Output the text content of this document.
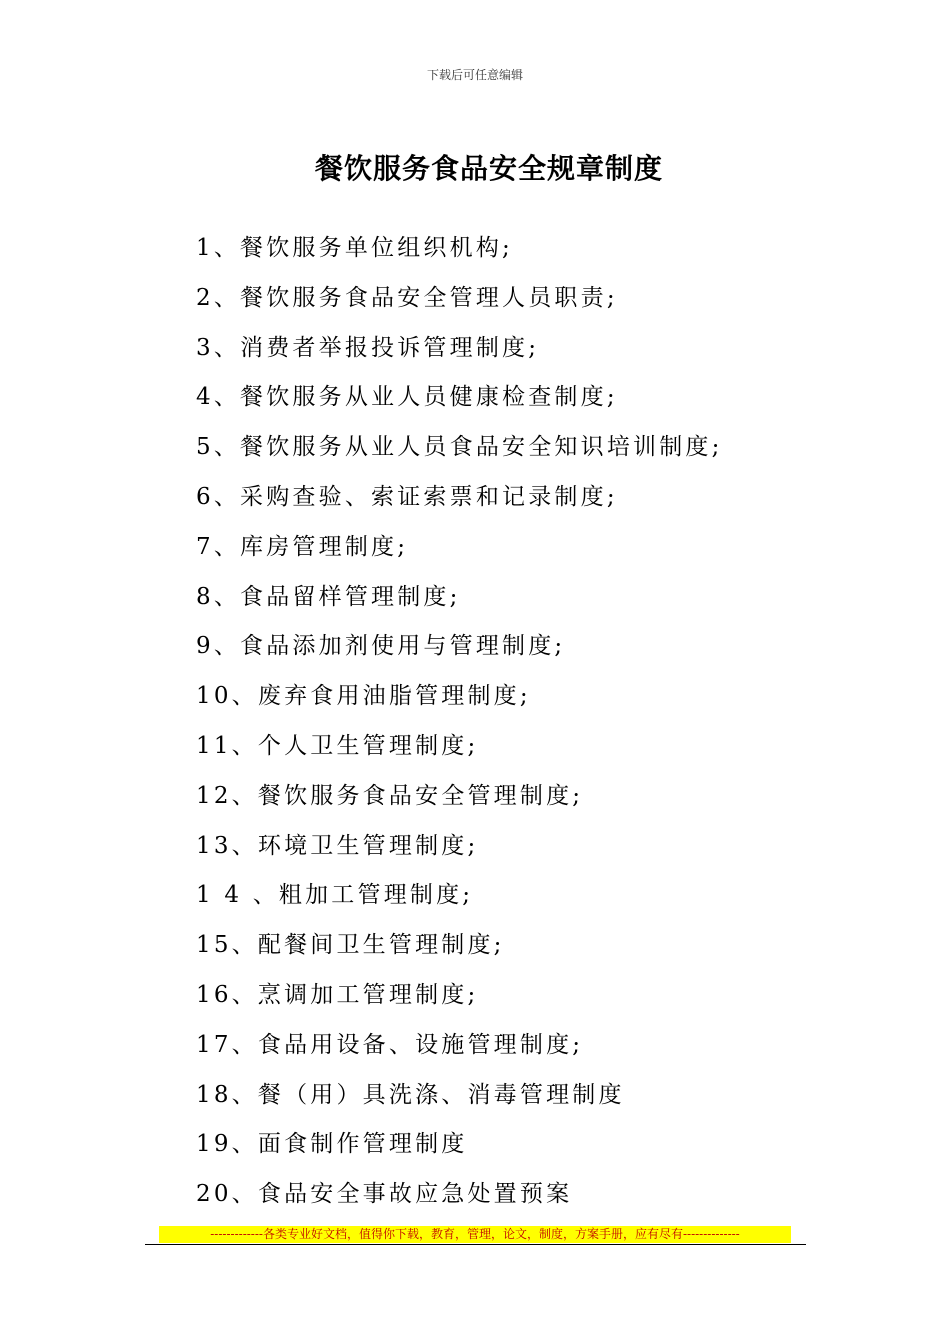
下载后可任意编辑
餐饮服务食品安全规章制度
1、餐饮服务单位组织机构;
2、餐饮服务食品安全管理人员职责;
3、消费者举报投诉管理制度;
4、餐饮服务从业人员健康检查制度;
5、餐饮服务从业人员食品安全知识培训制度;
6、采购查验、索证索票和记录制度;
7、库房管理制度;
8、食品留样管理制度;
9、食品添加剂使用与管理制度;
10、废弃食用油脂管理制度;
11、个人卫生管理制度;
12、餐饮服务食品安全管理制度;
13、环境卫生管理制度;
1 4 、粗加工管理制度;
15、配餐间卫生管理制度;
16、烹调加工管理制度;
17、食品用设备、设施管理制度;
18、餐（用）具洗涤、消毒管理制度
19、面食制作管理制度
20、食品安全事故应急处置预案
-------------各类专业好文档，值得你下载，教育，管理，论文，制度，方案手册，应有尽有--------------
